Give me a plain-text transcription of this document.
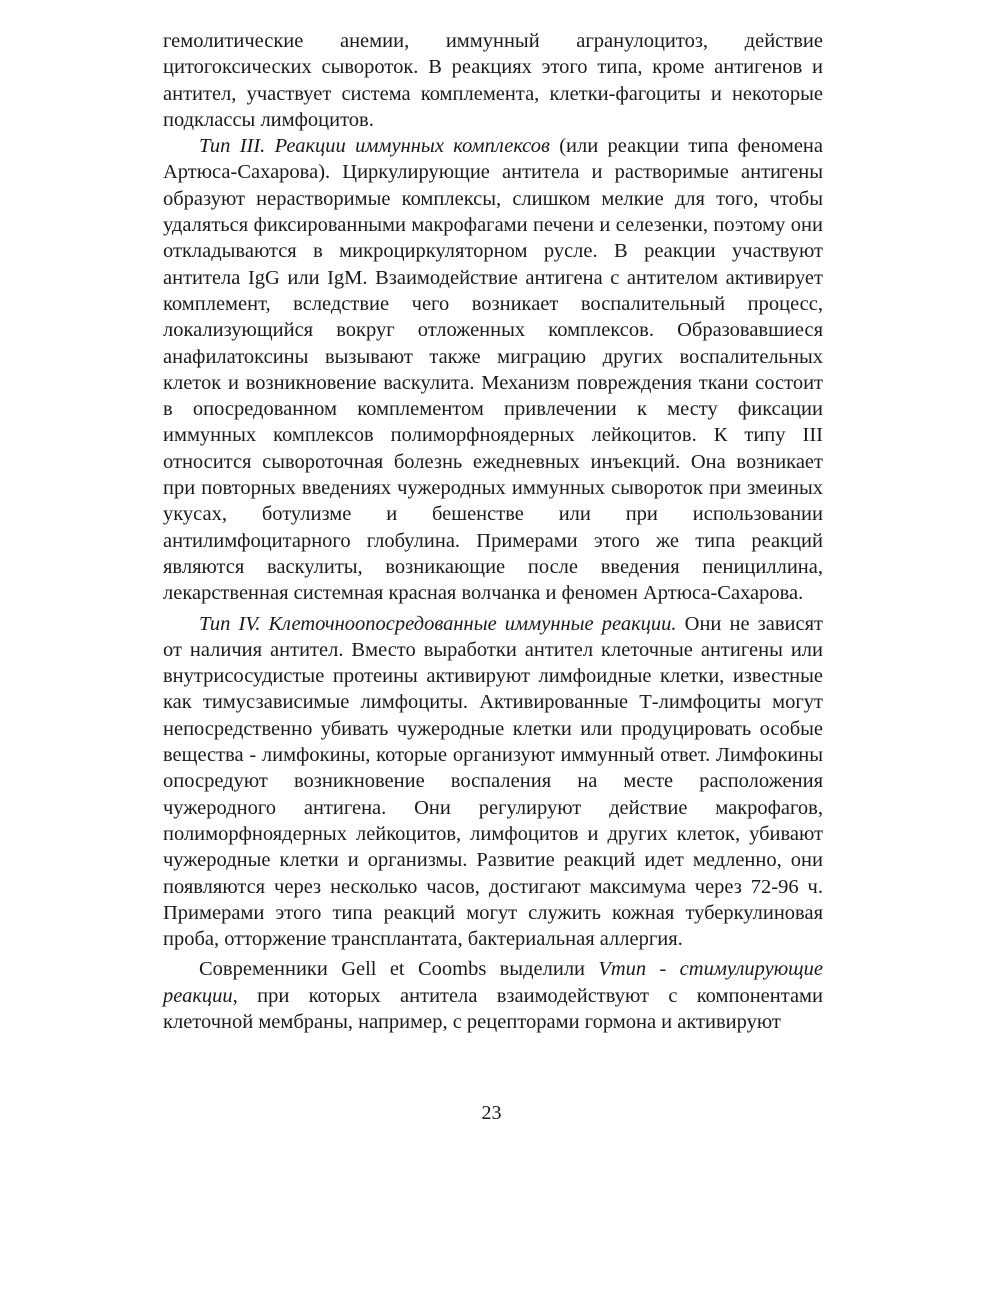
гемолитические анемии, иммунный агранулоцитоз, действие цитогоксических сывороток. В реакциях этого типа, кроме антигенов и антител, участвует система комплемента, клетки-фагоциты и некоторые подклассы лимфоцитов.

Тип III. Реакции иммунных комплексов (или реакции типа феномена Артюса-Сахарова). Циркулирующие антитела и растворимые антигены образуют нерастворимые комплексы, слишком мелкие для того, чтобы удаляться фиксированными макрофагами печени и селезенки, поэтому они откладываются в микроциркуляторном русле. В реакции участвуют антитела IgG или IgM. Взаимодействие антигена с антителом активирует комплемент, вследствие чего возникает воспалительный процесс, локализующийся вокруг отложенных комплексов. Образовавшиеся анафилатоксины вызывают также миграцию других воспалительных клеток и возникновение васкулита. Механизм повреждения ткани состоит в опосредованном комплементом привлечении к месту фиксации иммунных комплексов полиморфноядерных лейкоцитов. К типу III относится сывороточная болезнь ежедневных инъекций. Она возникает при повторных введениях чужеродных иммунных сывороток при змеиных укусах, ботулизме и бешенстве или при использовании антилимфоцитарного глобулина. Примерами этого же типа реакций являются васкулиты, возникающие после введения пенициллина, лекарственная системная красная волчанка и феномен Артюса-Сахарова.

Тип IV. Клеточноопосредованные иммунные реакции. Они не зависят от наличия антител. Вместо выработки антител клеточные антигены или внутрисосудистые протеины активируют лимфоидные клетки, известные как тимусзависимые лимфоциты. Активированные Т-лимфоциты могут непосредственно убивать чужеродные клетки или продуцировать особые вещества - лимфокины, которые организуют иммунный ответ. Лимфокины опосредуют возникновение воспаления на месте расположения чужеродного антигена. Они регулируют действие макрофагов, полиморфноядерных лейкоцитов, лимфоцитов и других клеток, убивают чужеродные клетки и организмы. Развитие реакций идет медленно, они появляются через несколько часов, достигают максимума через 72-96 ч. Примерами этого типа реакций могут служить кожная туберкулиновая проба, отторжение трансплантата, бактериальная аллергия.

Современники Gell et Coombs выделили Vтип - стимулирующие реакции, при которых антитела взаимодействуют с компонентами клеточной мембраны, например, с рецепторами гормона и активируют

23
